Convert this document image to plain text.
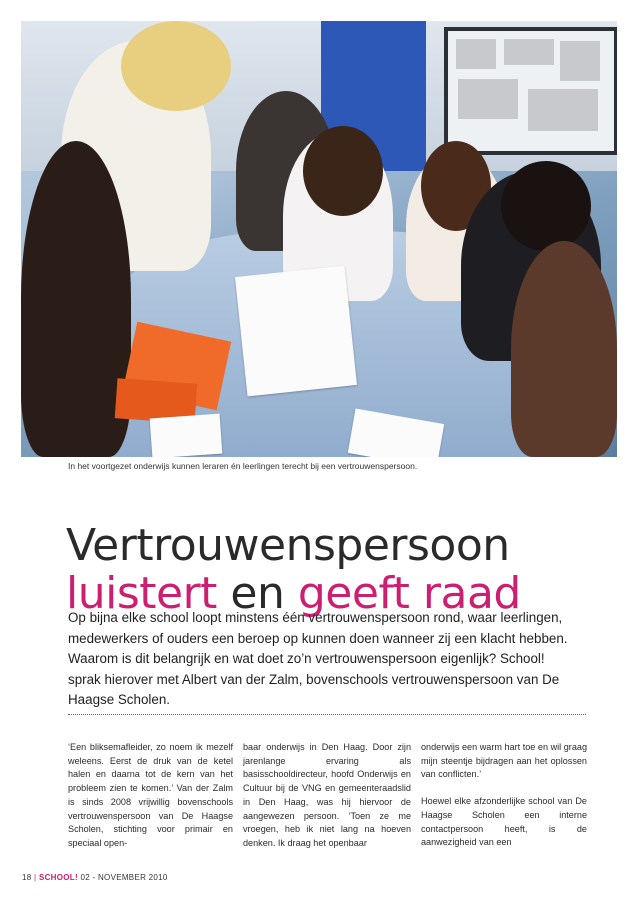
In het voortgezet onderwijs kunnen leraren én leerlingen terecht bij een vertrouwenspersoon.
Vertrouwenspersoon
luistert en geeft raad
Op bijna elke school loopt minstens één vertrouwenspersoon rond, waar leerlingen, medewerkers of ouders een beroep op kunnen doen wanneer zij een klacht hebben. Waarom is dit belangrijk en wat doet zo’n vertrouwenspersoon eigenlijk? School! sprak hierover met Albert van der Zalm, bovenschools vertrouwenspersoon van De Haagse Scholen.

‘Een bliksemafleider, zo noem ik mezelf weleens. Eerst de druk van de ketel halen en daarna tot de kern van het probleem zien te komen.’ Van der Zalm is sinds 2008 vrijwillig bovenschools vertrouwenspersoon van De Haagse Scholen, stichting voor primair en speciaal open-

baar onderwijs in Den Haag. Door zijn jarenlange ervaring als basisschooldirecteur, hoofd Onderwijs en Cultuur bij de VNG en gemeenteraadslid in Den Haag, was hij hiervoor de aangewezen persoon. ‘Toen ze me vroegen, heb ik niet lang na hoeven denken. Ik draag het openbaar

onderwijs een warm hart toe en wil graag mijn steentje bijdragen aan het oplossen van conflicten.’

Hoewel elke afzonderlijke school van De Haagse Scholen een interne contactpersoon heeft, is de aanwezigheid van een

18 | SCHOOL! 02 - NOVEMBER 2010
